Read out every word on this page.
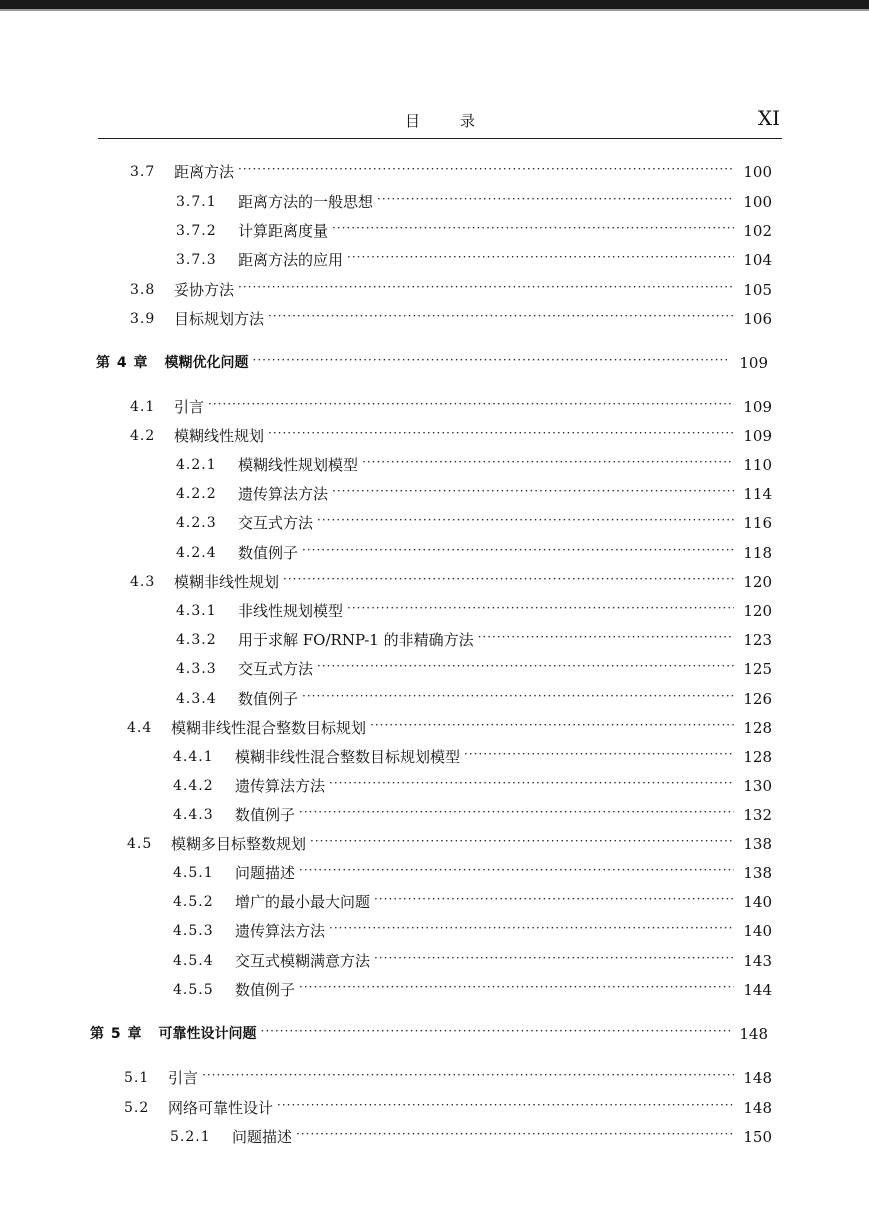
目录	XI
3.7	距离方法 ·····	100
3.7.1	距离方法的一般思想 ·····	100
3.7.2	计算距离度量 ·····	102
3.7.3	距离方法的应用 ·····	104
3.8	妥协方法 ·····	105
3.9	目标规划方法 ·····	106
第 4 章 模糊优化问题 ·····	109
4.1	引言 ·····	109
4.2	模糊线性规划 ·····	109
4.2.1	模糊线性规划模型 ·····	110
4.2.2	遗传算法方法 ·····	114
4.2.3	交互式方法 ·····	116
4.2.4	数值例子 ·····	118
4.3	模糊非线性规划 ·····	120
4.3.1	非线性规划模型 ·····	120
4.3.2	用于求解 FO/RNP-1 的非精确方法 ·····	123
4.3.3	交互式方法 ·····	125
4.3.4	数值例子 ·····	126
4.4	模糊非线性混合整数目标规划 ·····	128
4.4.1	模糊非线性混合整数目标规划模型 ·····	128
4.4.2	遗传算法方法 ·····	130
4.4.3	数值例子 ·····	132
4.5	模糊多目标整数规划 ·····	138
4.5.1	问题描述 ·····	138
4.5.2	增广的最小最大问题 ·····	140
4.5.3	遗传算法方法 ·····	140
4.5.4	交互式模糊满意方法 ·····	143
4.5.5	数值例子 ·····	144
第 5 章 可靠性设计问题 ·····	148
5.1	引言 ·····	148
5.2	网络可靠性设计 ·····	148
5.2.1	问题描述 ·····	150
